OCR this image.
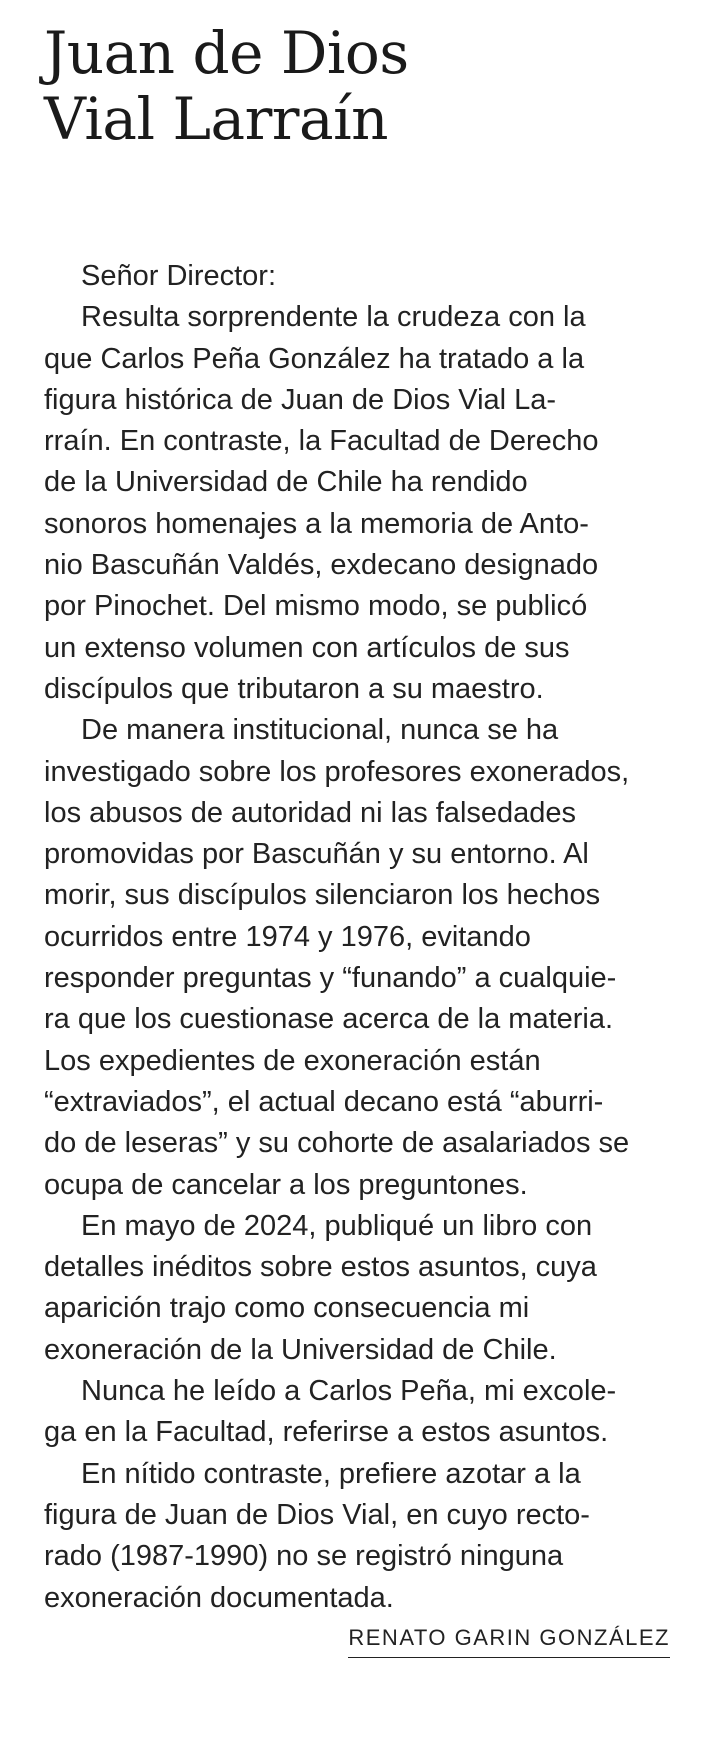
Juan de Dios
Vial Larraín
Señor Director:
Resulta sorprendente la crudeza con la
que Carlos Peña González ha tratado a la
figura histórica de Juan de Dios Vial La-
rraín. En contraste, la Facultad de Derecho
de la Universidad de Chile ha rendido
sonoros homenajes a la memoria de Anto-
nio Bascuñán Valdés, exdecano designado
por Pinochet. Del mismo modo, se publicó
un extenso volumen con artículos de sus
discípulos que tributaron a su maestro.
De manera institucional, nunca se ha
investigado sobre los profesores exonerados,
los abusos de autoridad ni las falsedades
promovidas por Bascuñán y su entorno. Al
morir, sus discípulos silenciaron los hechos
ocurridos entre 1974 y 1976, evitando
responder preguntas y “funando” a cualquie-
ra que los cuestionase acerca de la materia.
Los expedientes de exoneración están
“extraviados”, el actual decano está “aburri-
do de leseras” y su cohorte de asalariados se
ocupa de cancelar a los preguntones.
En mayo de 2024, publiqué un libro con
detalles inéditos sobre estos asuntos, cuya
aparición trajo como consecuencia mi
exoneración de la Universidad de Chile.
Nunca he leído a Carlos Peña, mi excole-
ga en la Facultad, referirse a estos asuntos.
En nítido contraste, prefiere azotar a la
figura de Juan de Dios Vial, en cuyo recto-
rado (1987-1990) no se registró ninguna
exoneración documentada.
RENATO GARIN GONZÁLEZ
